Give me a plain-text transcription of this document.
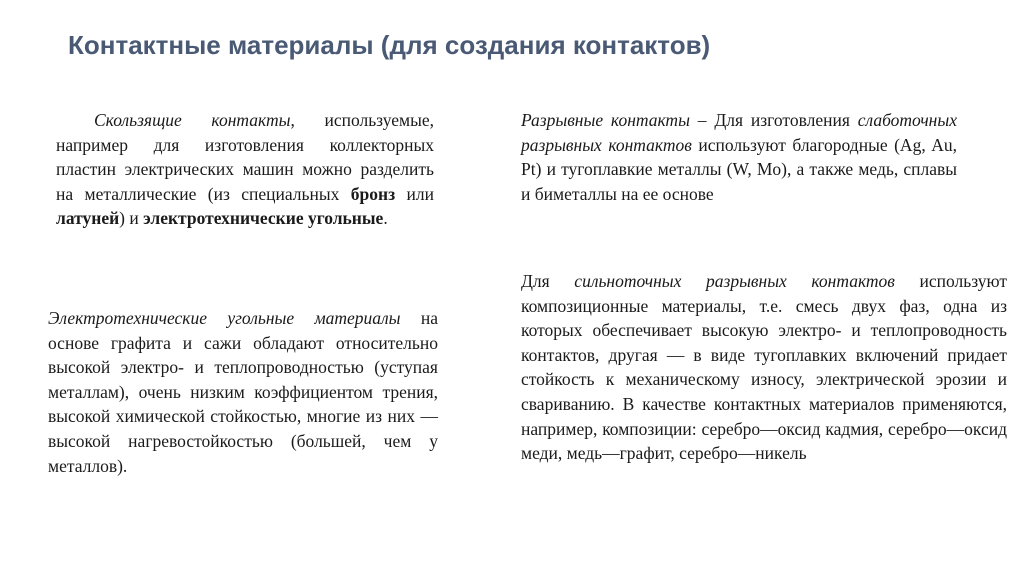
Контактные материалы (для создания контактов)

Скользящие контакты, используемые, например для изготовления коллекторных пластин электрических машин можно разделить на металлические (из специальных бронз или латуней) и электротехнические угольные.

Электротехнические угольные материалы на основе графита и сажи обладают относительно высокой электро- и теплопроводностью (уступая металлам), очень низким коэффициентом трения, высокой химической стойкостью, многие из них — высокой нагревостойкостью (большей, чем у металлов).

Разрывные контакты – Для изготовления слаботочных разрывных контактов используют благородные (Ag, Au, Pt) и тугоплавкие металлы (W, Mo), а также медь, сплавы и биметаллы на ее основе

Для сильноточных разрывных контактов используют композиционные материалы, т.е. смесь двух фаз, одна из которых обеспечивает высокую электро- и теплопроводность контактов, другая — в виде тугоплавких включений придает стойкость к механическому износу, электрической эрозии и свариванию. В качестве контактных материалов применяются, например, композиции: серебро—оксид кадмия, серебро—оксид меди, медь—графит, серебро—никель
